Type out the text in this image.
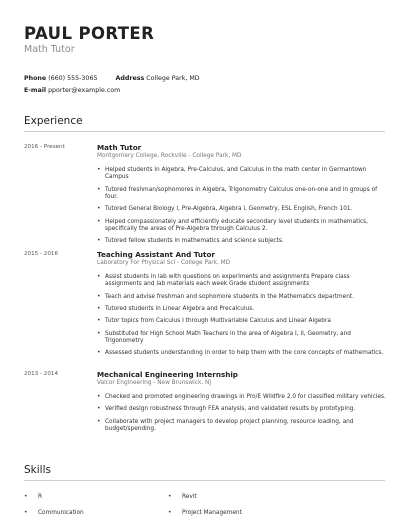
PAUL PORTER
Math Tutor
Phone (660) 555-3065	Address College Park, MD
E-mail pporter@example.com
Experience
2016 - Present	Math Tutor
Montgomery College, Rockville - College Park, MD
• Helped students in Algebra, Pre-Calculus, and Calculus in the math center in Germantown Campus
• Tutored freshman/sophomores in Algebra, Trigonometry Calculus one-on-one and in groups of four.
• Tutored General Biology I, Pre-Algebra, Algebra I, Geometry, ESL English, French 101.
• Helped compassionately and efficiently educate secondary level students in mathematics, specifically the areas of Pre-Algebra through Calculus 2.
• Tutored fellow students in mathematics and science subjects.
2015 - 2016	Teaching Assistant And Tutor
Laboratory For Physical Sci - College Park, MD
• Assist students in lab with questions on experiments and assignments Prepare class assignments and lab materials each week Grade student assignments
• Teach and advise freshman and sophomore students in the Mathematics department.
• Tutored students in Linear Algebra and Precalculus.
• Tutor topics from Calculus I through Multivariable Calculus and Linear Algebra
• Substituted for High School Math Teachers in the area of Algebra I, II, Geometry, and Trigonometry
• Assessed students understanding in order to help them with the core concepts of mathematics.
2013 - 2014	Mechanical Engineering Internship
Valcor Engineering - New Brunswick, NJ
• Checked and promoted engineering drawings in Pro/E Wildfire 2.0 for classified military vehicles.
• Verified design robustness through FEA analysis, and validated results by prototyping.
• Collaborate with project managers to develop project planning, resource loading, and budget/spending.
Skills
• R
• Communication
• Revit
• Project Management
